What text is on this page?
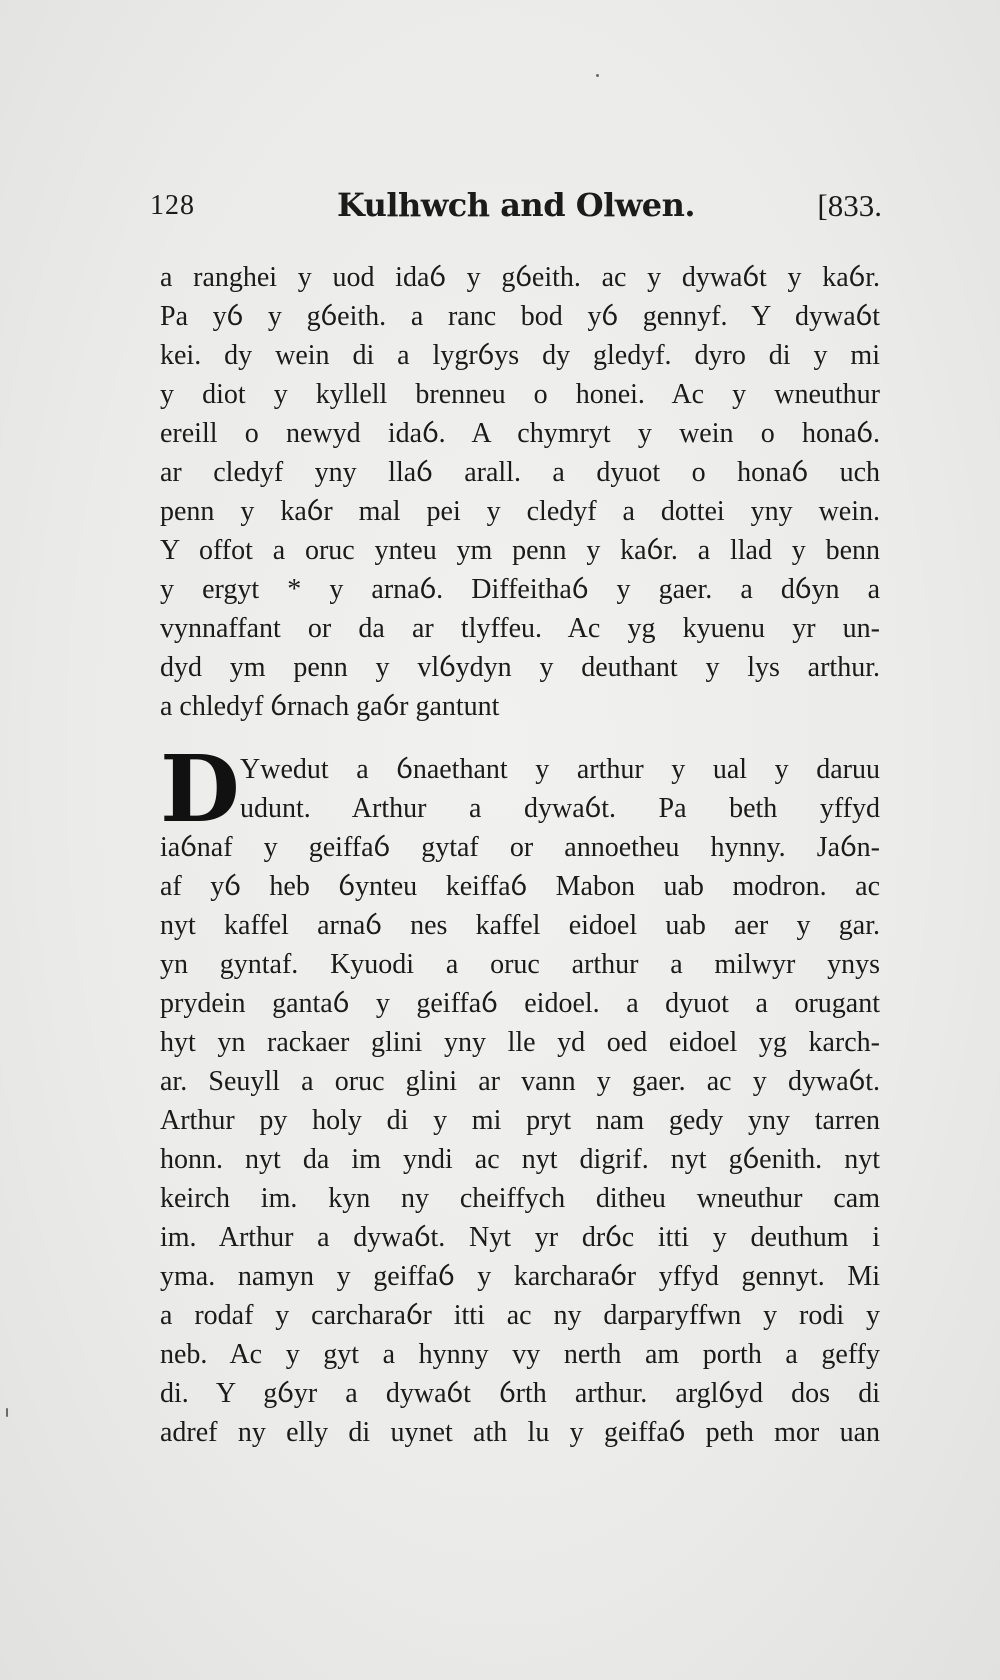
128	Kulhwch and Olwen.	[833.
D
a ranghei y uod idaỽ y gỽeith. ac y dywaỽt y kaỽr.
Pa yỽ y gỽeith. a ranc bod yỽ gennyf. Y dywaỽt
kei. dy wein di a lygrỽys dy gledyf. dyro di y mi
y diot y kyllell brenneu o honei. Ac y wneuthur
ereill o newyd idaỽ. A chymryt y wein o honaỽ.
ar cledyf yny llaỽ arall. a dyuot o honaỽ uch
penn y kaỽr mal pei y cledyf a dottei yny wein.
Y offot a oruc ynteu ym penn y kaỽr. a llad y benn
y ergyt * y arnaỽ. Diffeithaỽ y gaer. a dỽyn a
vynnaffant or da ar tlyffeu. Ac yg kyuenu yr un-
dyd ym penn y vlỽydyn y deuthant y lys arthur.
a chledyf ỽrnach gaỽr gantunt
Ywedut a ỽnaethant y arthur y ual y daruu
udunt. Arthur a dywaỽt. Pa beth yffyd
iaỽnaf y geiffaỽ gytaf or annoetheu hynny. Jaỽn-
af yỽ heb ỽynteu keiffaỽ Mabon uab modron. ac
nyt kaffel arnaỽ nes kaffel eidoel uab aer y gar.
yn gyntaf. Kyuodi a oruc arthur a milwyr ynys
prydein gantaỽ y geiffaỽ eidoel. a dyuot a orugant
hyt yn rackaer glini yny lle yd oed eidoel yg karch-
ar. Seuyll a oruc glini ar vann y gaer. ac y dywaỽt.
Arthur py holy di y mi pryt nam gedy yny tarren
honn. nyt da im yndi ac nyt digrif. nyt gỽenith. nyt
keirch im. kyn ny cheiffych ditheu wneuthur cam
im. Arthur a dywaỽt. Nyt yr drỽc itti y deuthum i
yma. namyn y geiffaỽ y karcharaỽr yffyd gennyt. Mi
a rodaf y carcharaỽr itti ac ny darparyffwn y rodi y
neb. Ac y gyt a hynny vy nerth am porth a geffy
di. Y gỽyr a dywaỽt ỽrth arthur. arglỽyd dos di
adref ny elly di uynet ath lu y geiffaỽ peth mor uan
